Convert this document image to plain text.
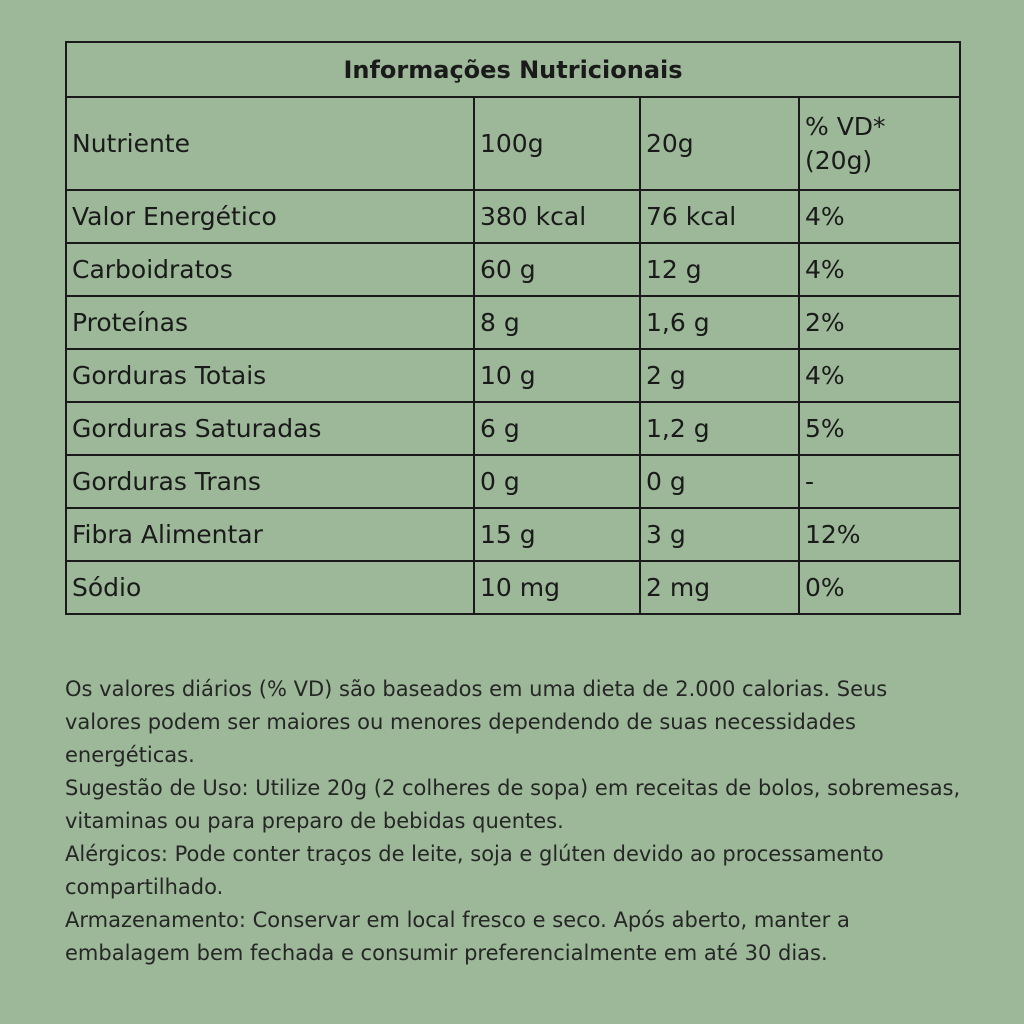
Informações Nutricionais			
Nutriente	100g	20g	% VD* (20g)
Valor Energético	380 kcal	76 kcal	4%
Carboidratos	60 g	12 g	4%
Proteínas	8 g	1,6 g	2%
Gorduras Totais	10 g	2 g	4%
Gorduras Saturadas	6 g	1,2 g	5%
Gorduras Trans	0 g	0 g	-
Fibra Alimentar	15 g	3 g	12%
Sódio	10 mg	2 mg	0%

Os valores diários (% VD) são baseados em uma dieta de 2.000 calorias. Seus valores podem ser maiores ou menores dependendo de suas necessidades energéticas.

Sugestão de Uso: Utilize 20g (2 colheres de sopa) em receitas de bolos, sobremesas, vitaminas ou para preparo de bebidas quentes.

Alérgicos: Pode conter traços de leite, soja e glúten devido ao processamento compartilhado.

Armazenamento: Conservar em local fresco e seco. Após aberto, manter a embalagem bem fechada e consumir preferencialmente em até 30 dias.
